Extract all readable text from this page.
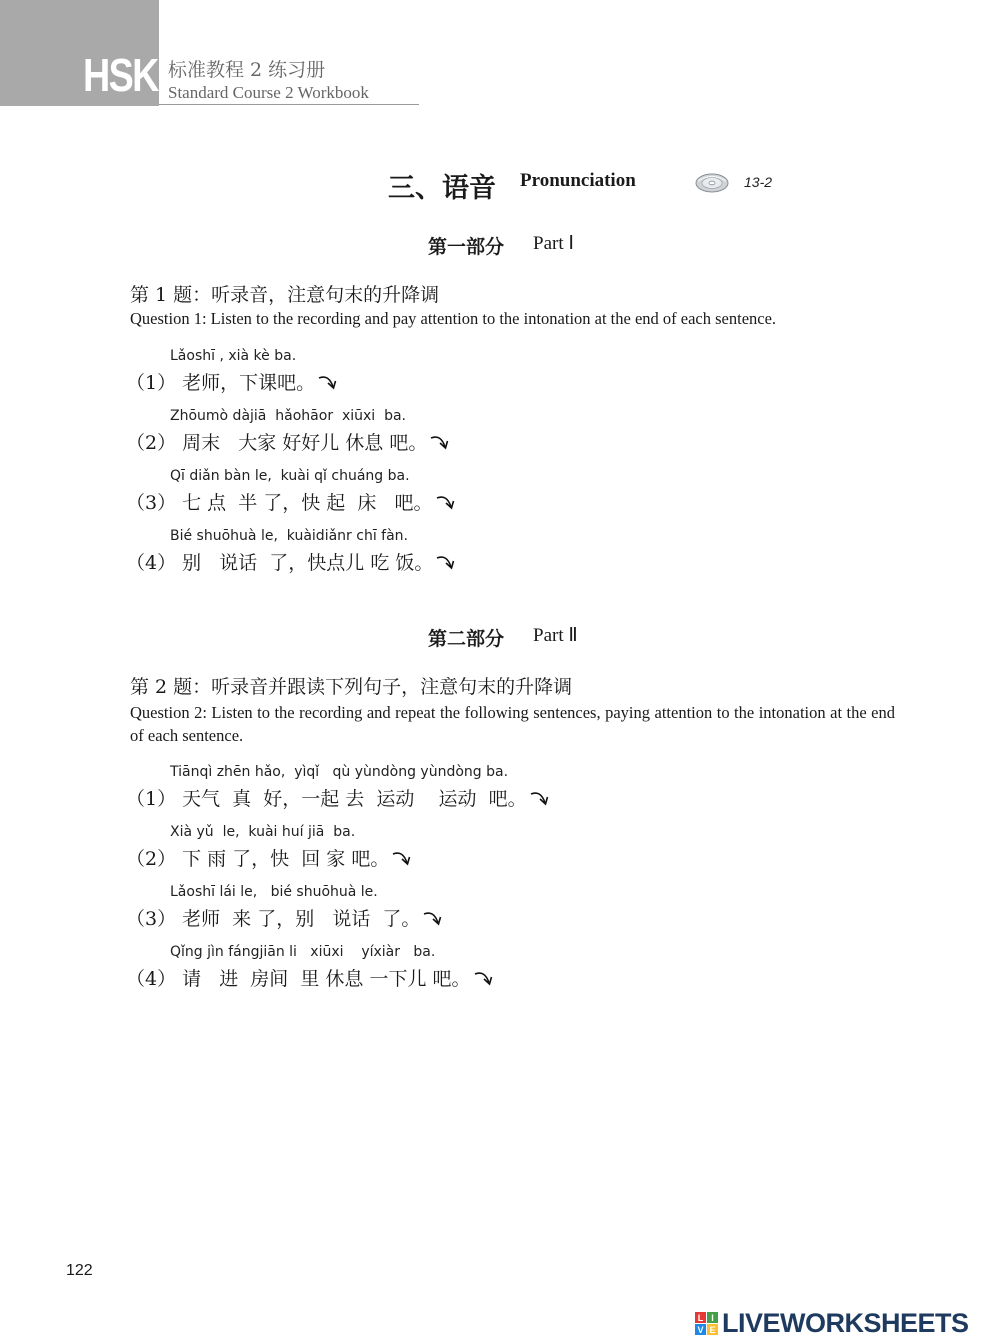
HSK 标准教程 2 练习册
Standard Course 2 Workbook
三、语音 Pronunciation	13-2
第一部分 Part Ⅰ
第 1 题：听录音，注意句末的升降调
Question 1: Listen to the recording and pay attention to the intonation at the end of each sentence.
Lǎoshī , xià kè ba.
（1） 老师，下课吧。
Zhōumò dàjiā  hǎohāor  xiūxi  ba.
（2） 周末   大家 好好儿 休息 吧。
Qī diǎn bàn le,  kuài qǐ chuáng ba.
（3） 七 点  半 了，快 起  床   吧。
Bié shuōhuà le,  kuàidiǎnr chī fàn.
（4） 别   说话  了，快点儿 吃 饭。
第二部分 Part Ⅱ
第 2 题：听录音并跟读下列句子，注意句末的升降调
Question 2: Listen to the recording and repeat the following sentences, paying attention to the intonation at the end of each sentence.
Tiānqì zhēn hǎo,  yìqǐ   qù yùndòng yùndòng ba.
（1） 天气  真  好，一起 去  运动    运动  吧。
Xià yǔ  le,  kuài huí jiā  ba.
（2） 下 雨 了，快  回 家 吧。
Lǎoshī lái le,   bié shuōhuà le.
（3） 老师  来 了，别   说话  了。
Qǐng jìn fángjiān li   xiūxi    yíxiàr   ba.
（4） 请   进  房间  里 休息 一下儿 吧。
122
L I
V E LIVEWORKSHEETS
